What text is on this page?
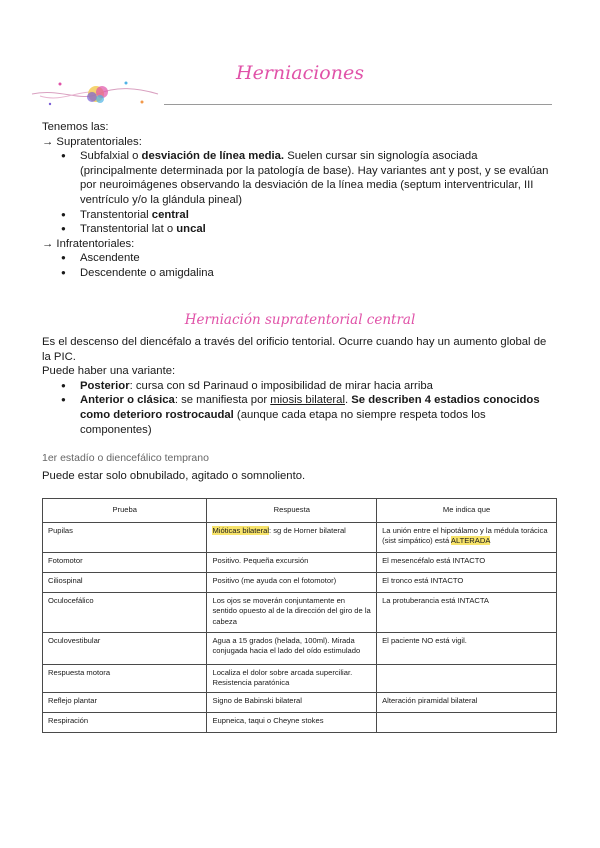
Herniaciones

Tenemos las:

→ Supratentoriales:

● Subfalxial o desviación de línea media. Suelen cursar sin signología asociada (principalmente determinada por la patología de base). Hay variantes ant y post, y se evalúan por neuroimágenes observando la desviación de la línea media (septum interventricular, III ventrículo y/o la glándula pineal)
● Transtentorial central
● Transtentorial lat o uncal

→ Infratentoriales:

● Ascendente
● Descendente o amigdalina
Herniación supratentorial central

Es el descenso del diencéfalo a través del orificio tentorial. Ocurre cuando hay un aumento global de la PIC.

Puede haber una variante:

● Posterior: cursa con sd Parinaud o imposibilidad de mirar hacia arriba
● Anterior o clásica: se manifiesta por miosis bilateral. Se describen 4 estadios conocidos como deterioro rostrocaudal (aunque cada etapa no siempre respeta todos los componentes)

1er estadío o diencefálico temprano

Puede estar solo obnubilado, agitado o somnoliento.

Prueba	Respuesta	Me indica que
Pupilas	Mióticas bilateral: sg de Horner bilateral	La unión entre el hipotálamo y la médula torácica (sist simpático) está ALTERADA
Fotomotor	Positivo. Pequeña excursión	El mesencéfalo está INTACTO
Ciliospinal	Positivo (me ayuda con el fotomotor)	El tronco está INTACTO
Oculocefálico	Los ojos se moverán conjuntamente en sentido opuesto al de la dirección del giro de la cabeza	La protuberancia está INTACTA
Oculovestibular	Agua a 15 grados (helada, 100ml). Mirada conjugada hacia el lado del oído estimulado	El paciente NO está vigil.
Respuesta motora	Localiza el dolor sobre arcada superciliar. Resistencia paratónica	
Reflejo plantar	Signo de Babinski bilateral	Alteración piramidal bilateral
Respiración	Eupneica, taqui o Cheyne stokes	
